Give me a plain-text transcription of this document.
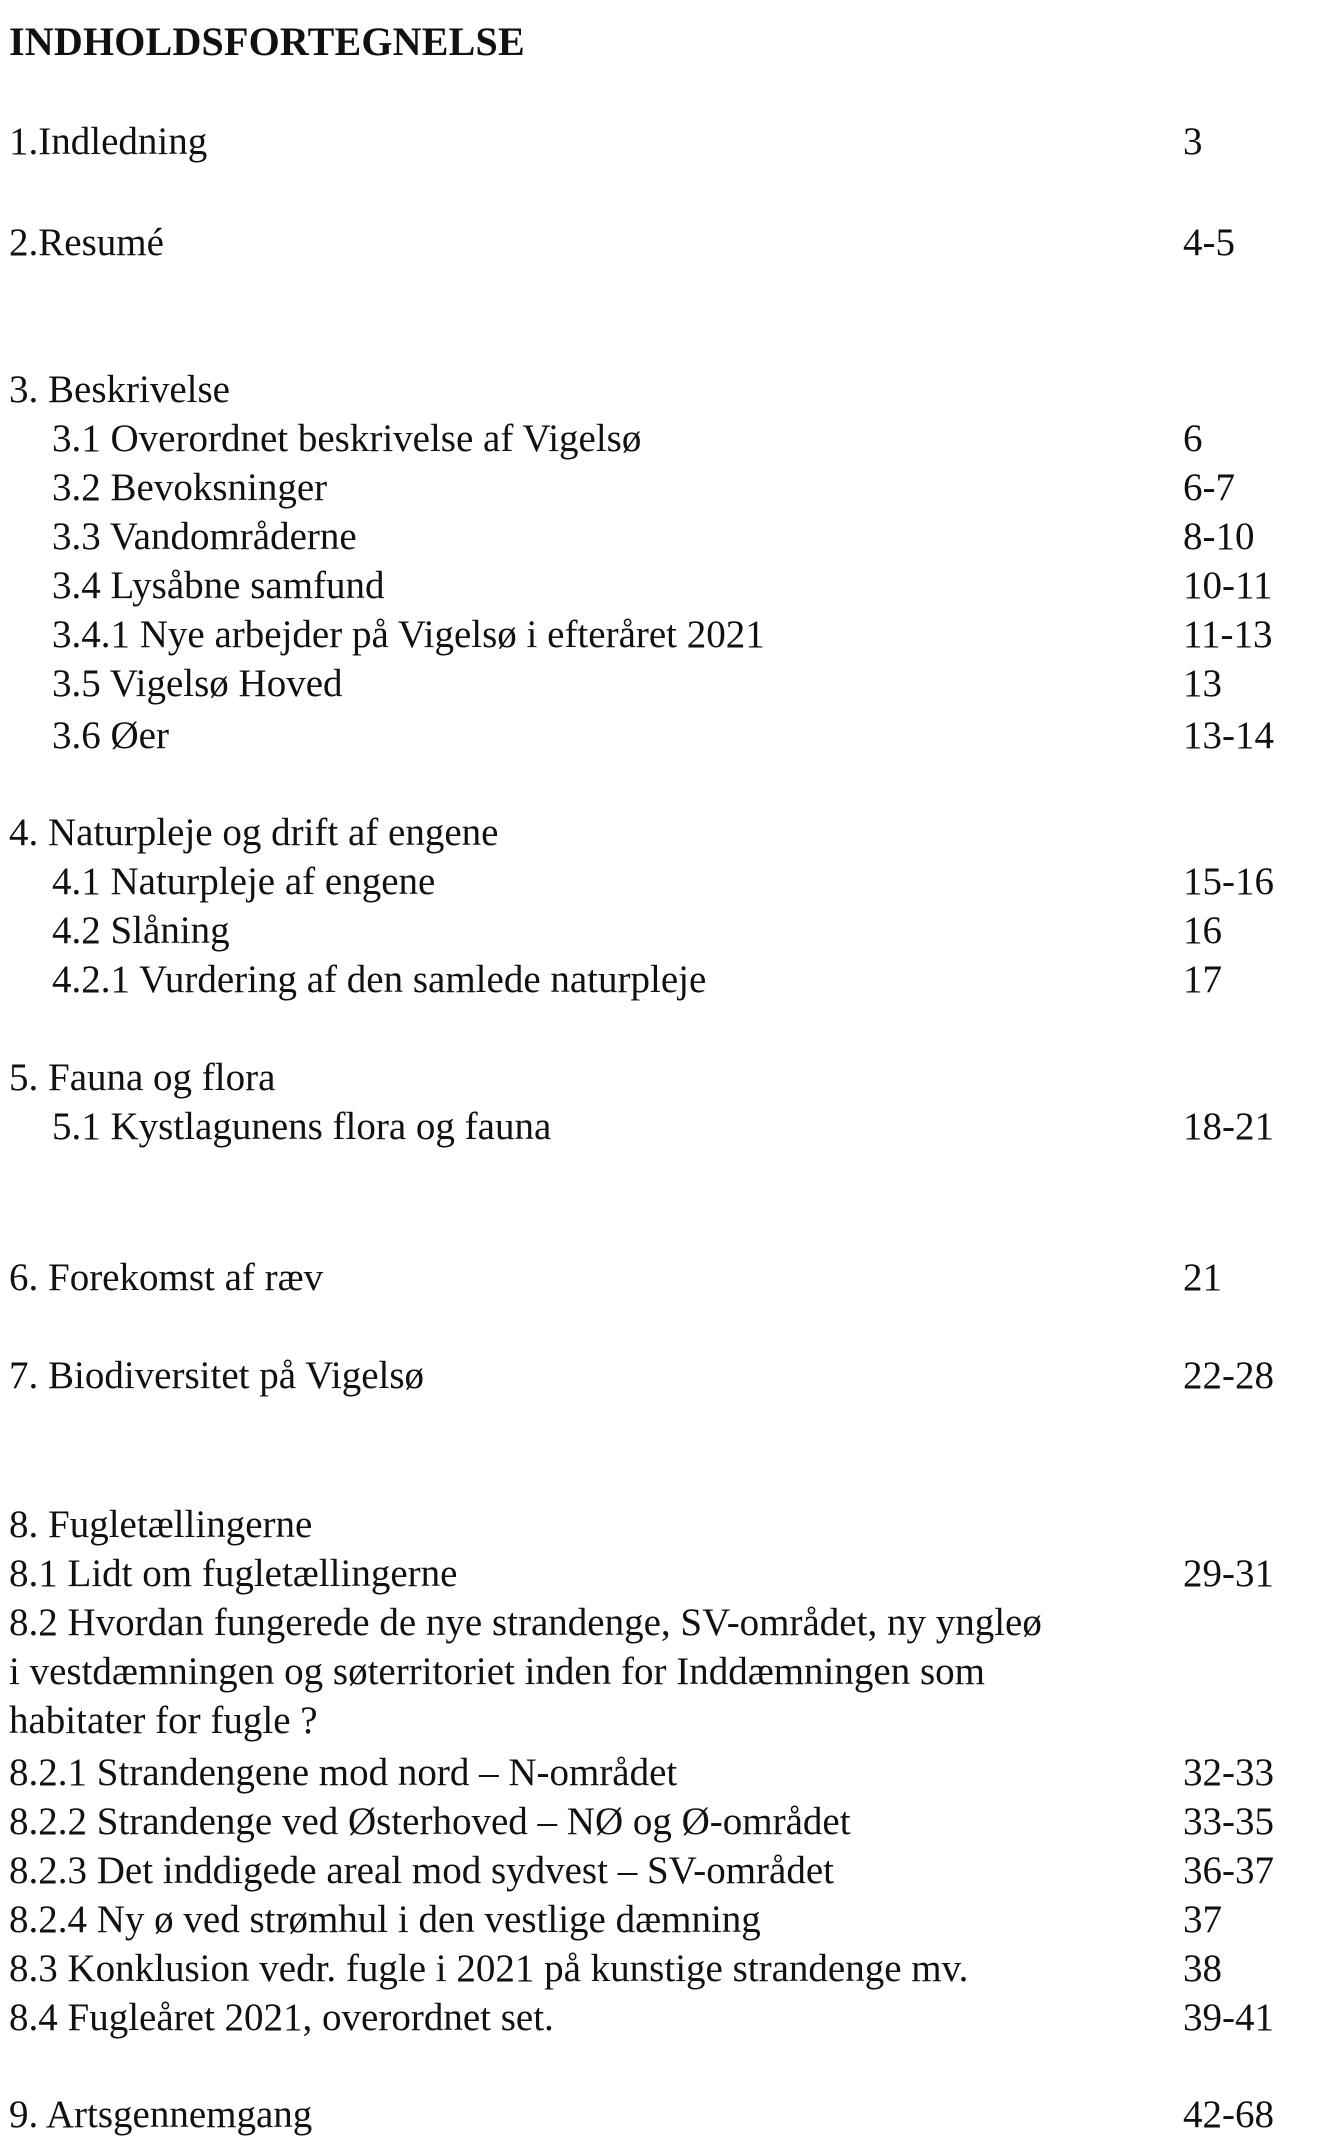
INDHOLDSFORTEGNELSE
1.Indledning	3
2.Resumé	4-5
3. Beskrivelse
3.1 Overordnet beskrivelse af Vigelsø	6
3.2 Bevoksninger	6-7
3.3 Vandområderne	8-10
3.4 Lysåbne samfund	10-11
3.4.1 Nye arbejder på Vigelsø i efteråret 2021	11-13
3.5 Vigelsø Hoved	13
3.6 Øer	13-14
4. Naturpleje og drift af engene
4.1 Naturpleje af engene	15-16
4.2 Slåning	16
4.2.1 Vurdering af den samlede naturpleje	17
5. Fauna og flora
5.1 Kystlagunens flora og fauna	18-21
6. Forekomst af ræv	21
7. Biodiversitet på Vigelsø	22-28
8. Fugletællingerne
8.1 Lidt om fugletællingerne	29-31
8.2 Hvordan fungerede de nye strandenge, SV-området, ny yngleø
i vestdæmningen og søterritoriet inden for Inddæmningen som
habitater for fugle ?
8.2.1 Strandengene mod nord – N-området	32-33
8.2.2 Strandenge ved Østerhoved – NØ og Ø-området	33-35
8.2.3 Det inddigede areal mod sydvest – SV-området	36-37
8.2.4 Ny ø ved strømhul i den vestlige dæmning	37
8.3 Konklusion vedr. fugle i 2021 på kunstige strandenge mv.	38
8.4 Fugleåret 2021, overordnet set.	39-41
9. Artsgennemgang	42-68
